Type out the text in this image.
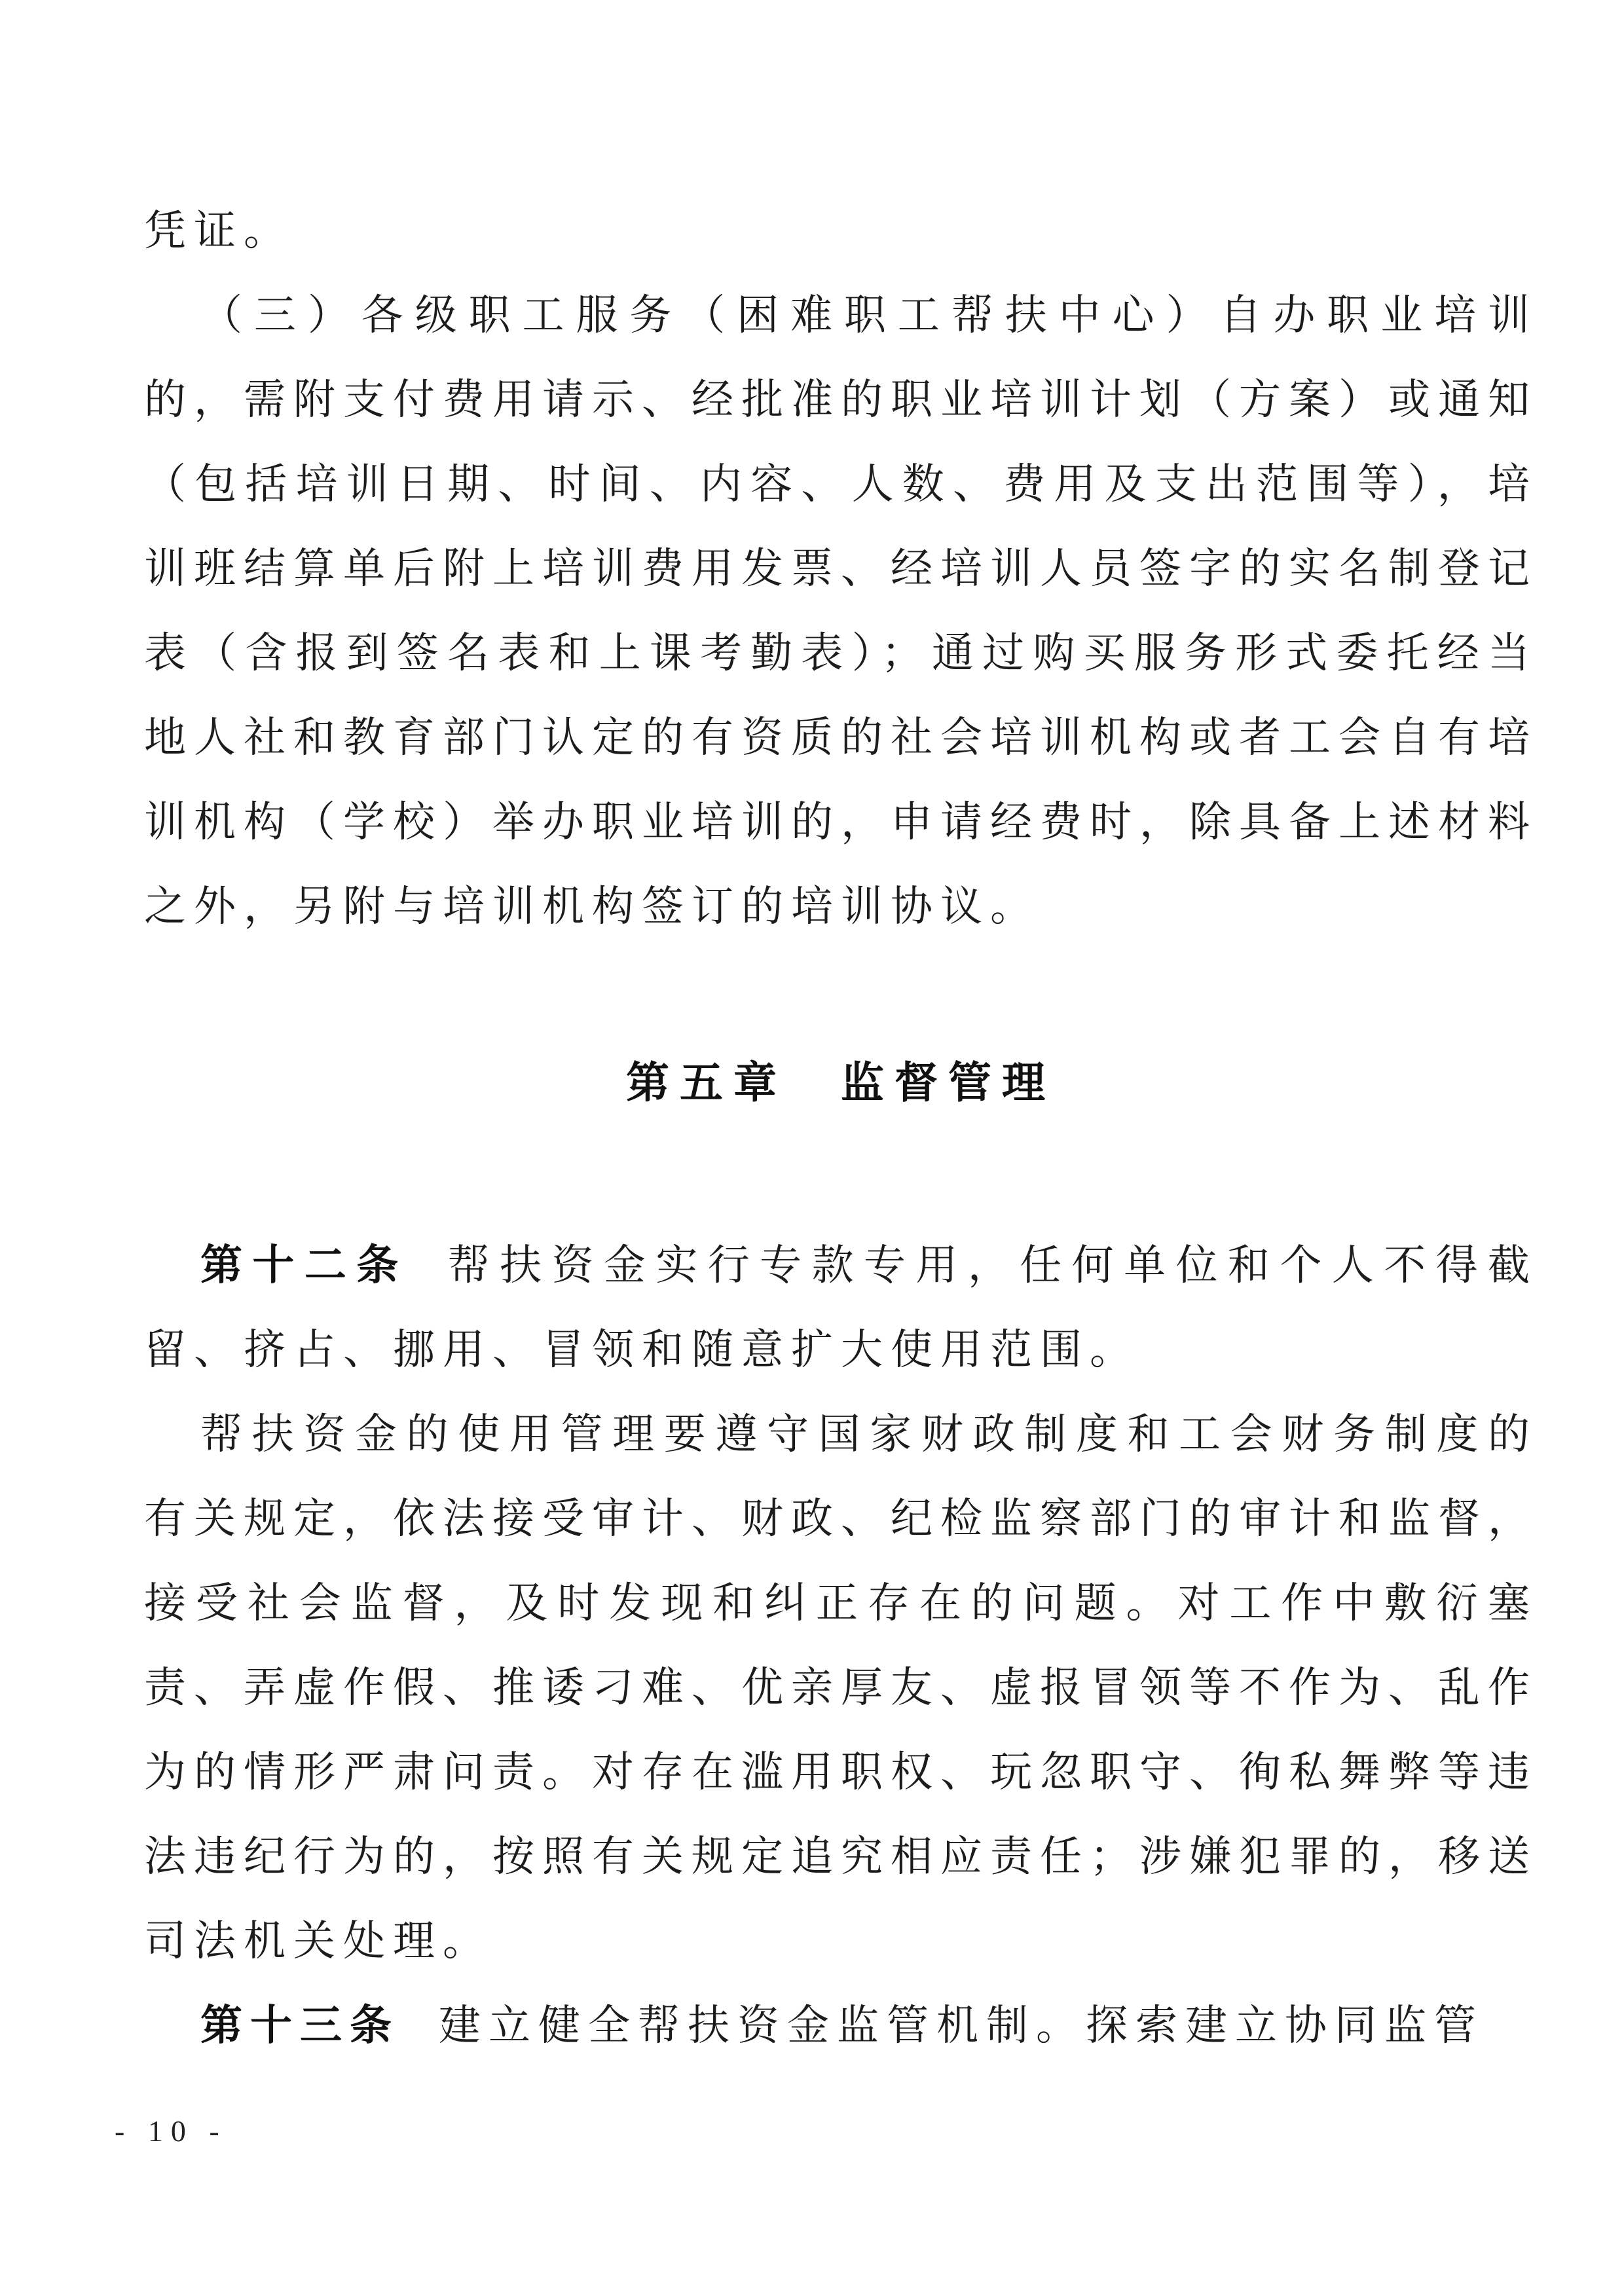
凭证。

（三）各级职工服务（困难职工帮扶中心）自办职业培训的，需附支付费用请示、经批准的职业培训计划（方案）或通知（包括培训日期、时间、内容、人数、费用及支出范围等），培训班结算单后附上培训费用发票、经培训人员签字的实名制登记表（含报到签名表和上课考勤表）；通过购买服务形式委托经当地人社和教育部门认定的有资质的社会培训机构或者工会自有培训机构（学校）举办职业培训的，申请经费时，除具备上述材料之外，另附与培训机构签订的培训协议。

第五章　监督管理

第十二条 帮扶资金实行专款专用，任何单位和个人不得截留、挤占、挪用、冒领和随意扩大使用范围。

帮扶资金的使用管理要遵守国家财政制度和工会财务制度的有关规定，依法接受审计、财政、纪检监察部门的审计和监督，接受社会监督，及时发现和纠正存在的问题。对工作中敷衍塞责、弄虚作假、推诿刁难、优亲厚友、虚报冒领等不作为、乱作为的情形严肃问责。对存在滥用职权、玩忽职守、徇私舞弊等违法违纪行为的，按照有关规定追究相应责任；涉嫌犯罪的，移送司法机关处理。

第十三条 建立健全帮扶资金监管机制。探索建立协同监管

- 10 -
